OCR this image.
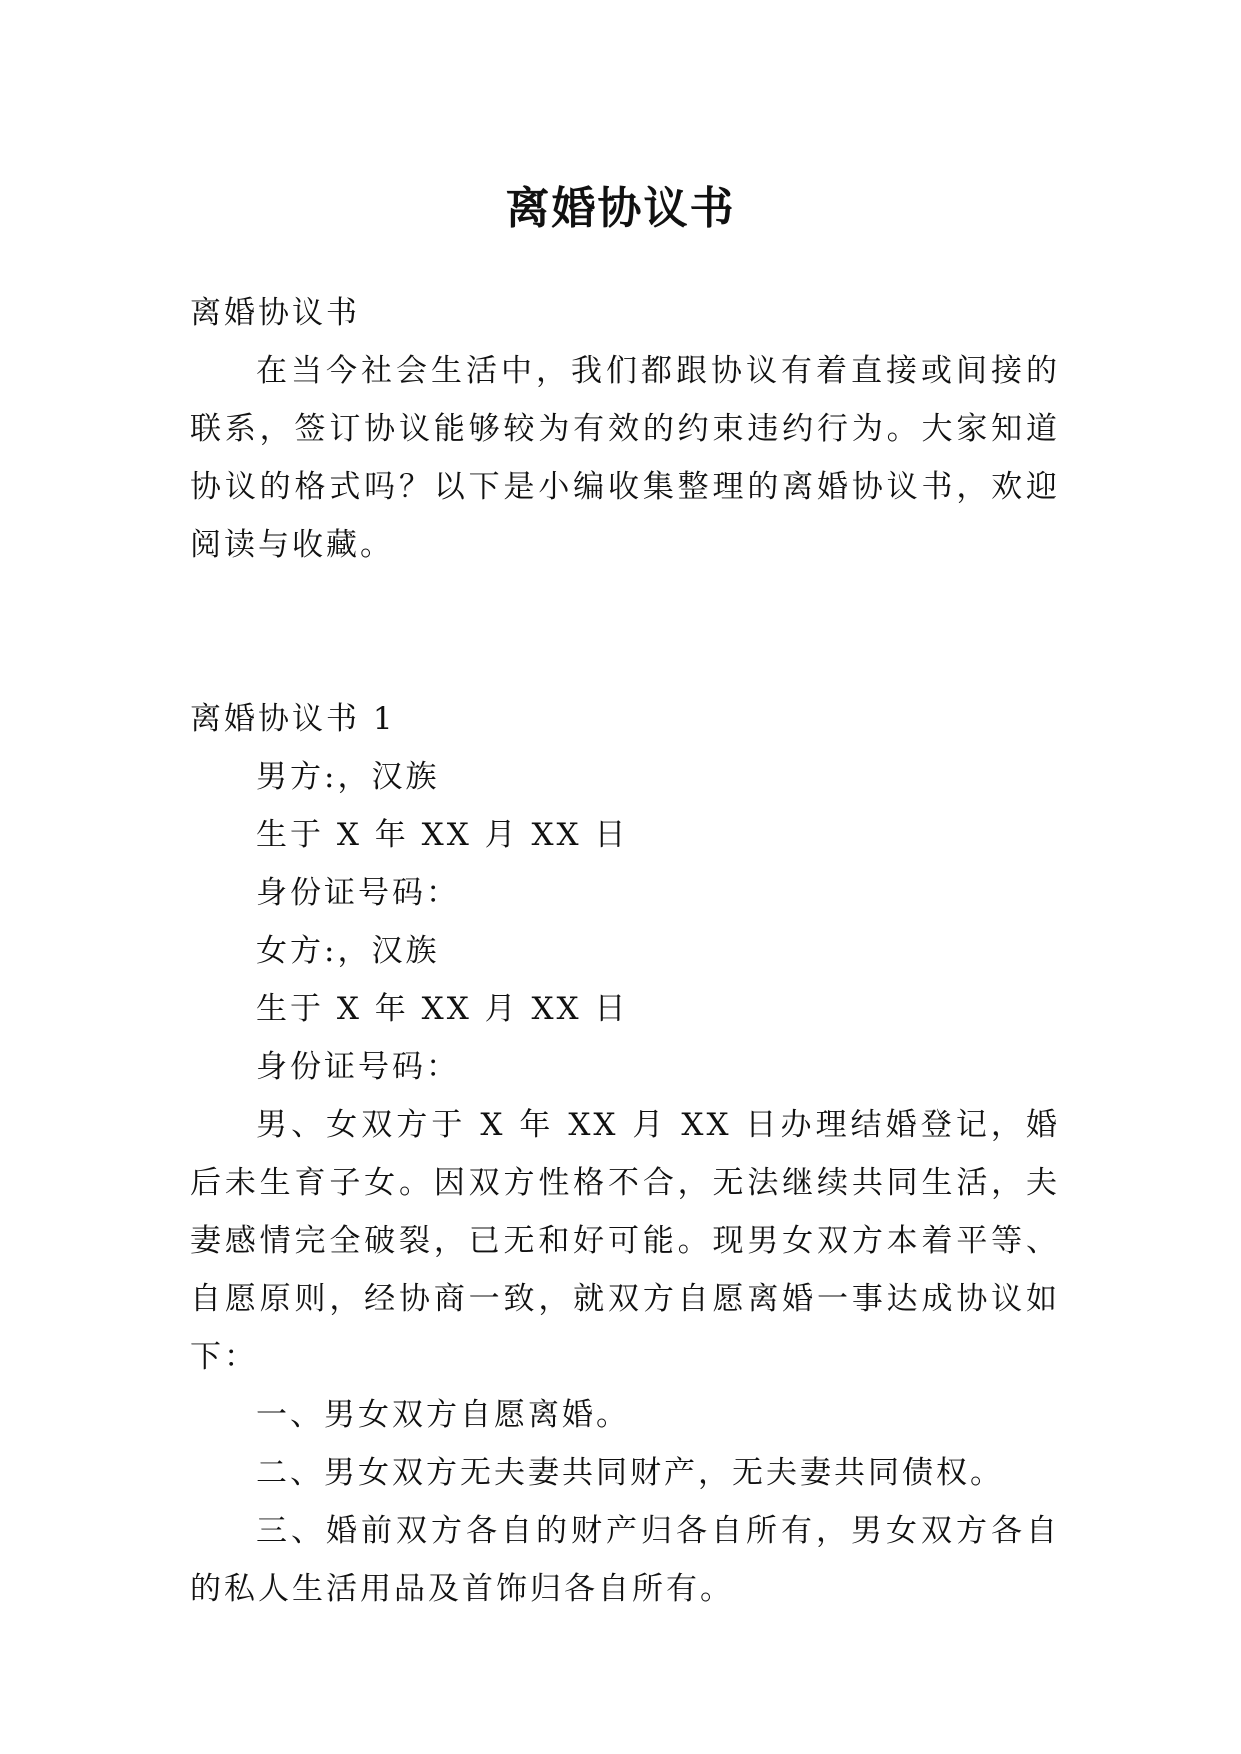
离婚协议书

离婚协议书

在当今社会生活中，我们都跟协议有着直接或间接的联系，签订协议能够较为有效的约束违约行为。大家知道协议的格式吗？以下是小编收集整理的离婚协议书，欢迎阅读与收藏。

离婚协议书 1

男方:，汉族

生于 X 年 XX 月 XX 日

身份证号码：

女方:，汉族

生于 X 年 XX 月 XX 日

身份证号码：

男、女双方于 X 年 XX 月 XX 日办理结婚登记，婚后未生育子女。因双方性格不合，无法继续共同生活，夫妻感情完全破裂，已无和好可能。现男女双方本着平等、自愿原则，经协商一致，就双方自愿离婚一事达成协议如下：

一、男女双方自愿离婚。

二、男女双方无夫妻共同财产，无夫妻共同债权。

三、婚前双方各自的财产归各自所有，男女双方各自的私人生活用品及首饰归各自所有。
